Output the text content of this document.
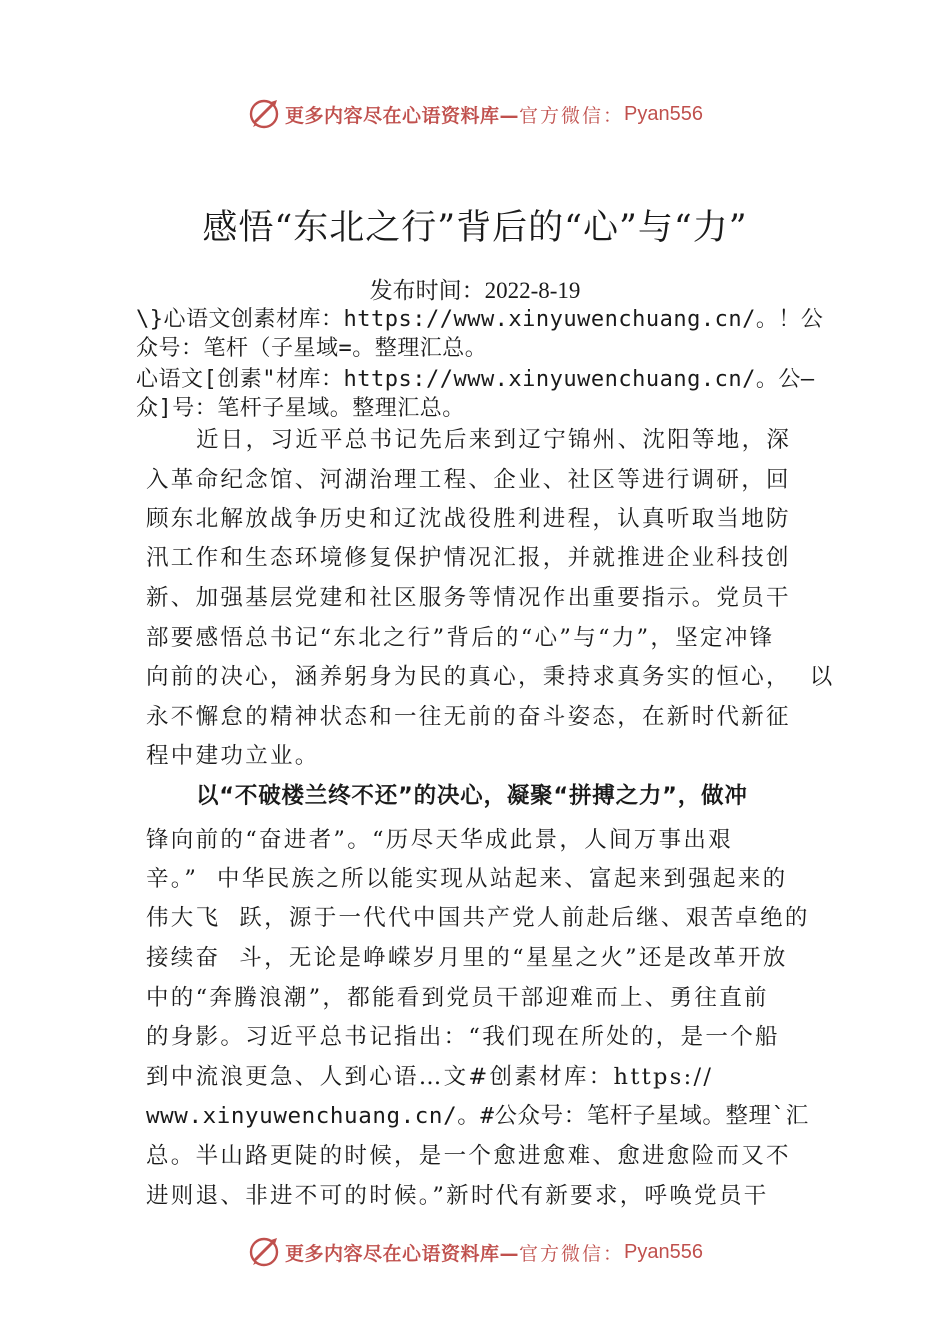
更多内容尽在心语资料库— 官方微信： Pyan556
感悟“东北之行”背后的“心”与“力”
发布时间：2022-8-19
\}心语文创素材库：https://www.xinyuwenchuang.cn/。！公
众号：笔杆（子星域=。整理汇总。
心语文[创素"材库：https://www.xinyuwenchuang.cn/。公—
众]号：笔杆子星域。整理汇总。
近日，习近平总书记先后来到辽宁锦州、沈阳等地，深
入革命纪念馆、河湖治理工程、企业、社区等进行调研，回
顾东北解放战争历史和辽沈战役胜利进程，认真听取当地防
汛工作和生态环境修复保护情况汇报，并就推进企业科技创
新、加强基层党建和社区服务等情况作出重要指示。党员干
部要感悟总书记“东北之行”背后的“心”与“力”，坚定冲锋
向前的决心，涵养躬身为民的真心，秉持求真务实的恒心，  以
永不懈怠的精神状态和一往无前的奋斗姿态，在新时代新征
程中建功立业。
以“不破楼兰终不还”的决心，凝聚“拼搏之力”，做冲
锋向前的“奋进者”。“历尽天华成此景，人间万事出艰
辛。”  中华民族之所以能实现从站起来、富起来到强起来的
伟大飞  跃，源于一代代中国共产党人前赴后继、艰苦卓绝的
接续奋  斗，无论是峥嵘岁月里的“星星之火”还是改革开放
中的“奔腾浪潮”，都能看到党员干部迎难而上、勇往直前
的身影。习近平总书记指出：“我们现在所处的，是一个船
到中流浪更急、人到心语…文#创素材库：https://
www.xinyuwenchuang.cn/。#公众号：笔杆子星域。整理`汇
总。半山路更陡的时候，是一个愈进愈难、愈进愈险而又不
进则退、非进不可的时候。”新时代有新要求，呼唤党员干
更多内容尽在心语资料库— 官方微信： Pyan556
